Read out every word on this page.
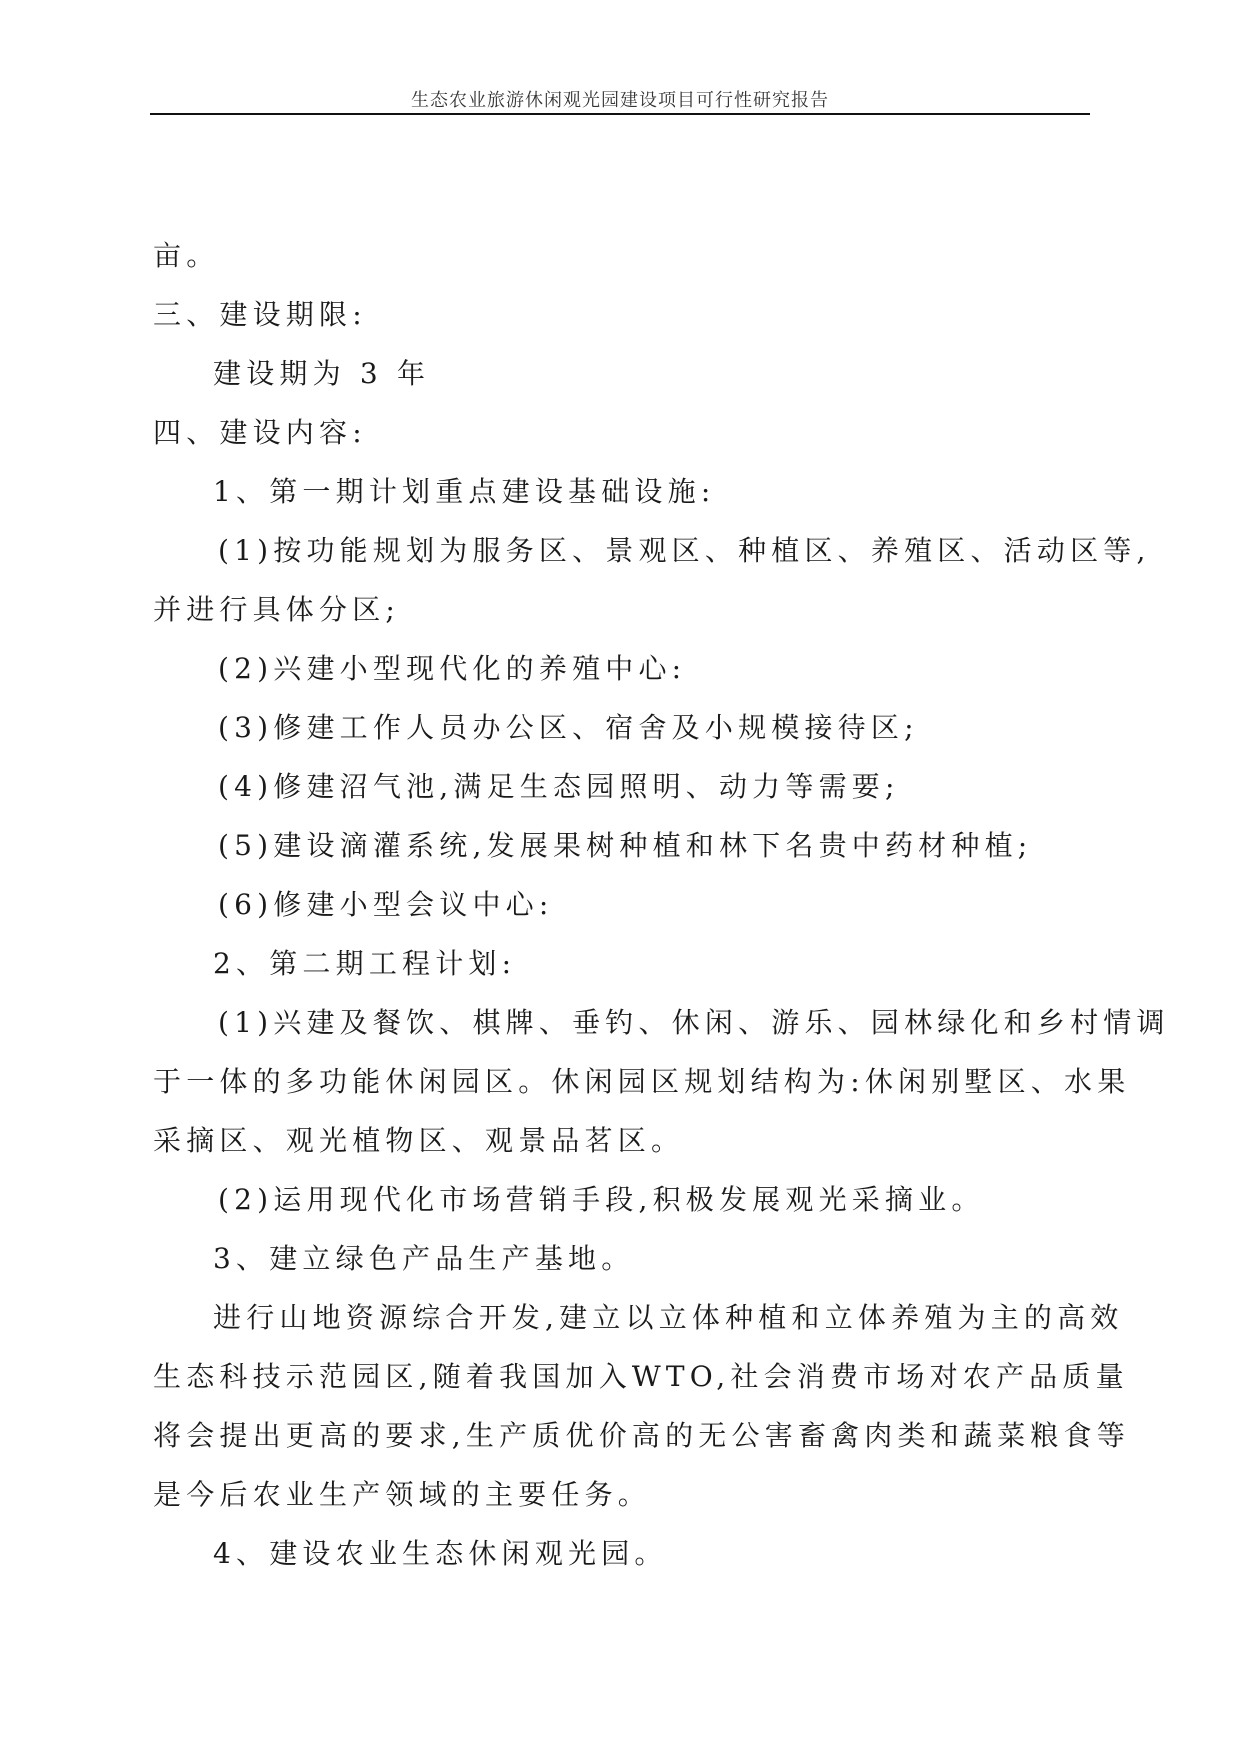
生态农业旅游休闲观光园建设项目可行性研究报告

亩。

三、建设期限:

建设期为 3 年

四、建设内容:

1、第一期计划重点建设基础设施:

(1)按功能规划为服务区、景观区、种植区、养殖区、活动区等,

并进行具体分区;

(2)兴建小型现代化的养殖中心:

(3)修建工作人员办公区、宿舍及小规模接待区;

(4)修建沼气池,满足生态园照明、动力等需要;

(5)建设滴灌系统,发展果树种植和林下名贵中药材种植;

(6)修建小型会议中心:

2、第二期工程计划:

(1)兴建及餐饮、棋牌、垂钓、休闲、游乐、园林绿化和乡村情调

于一体的多功能休闲园区。休闲园区规划结构为:休闲别墅区、水果

采摘区、观光植物区、观景品茗区。

(2)运用现代化市场营销手段,积极发展观光采摘业。

3、建立绿色产品生产基地。

进行山地资源综合开发,建立以立体种植和立体养殖为主的高效

生态科技示范园区,随着我国加入WTO,社会消费市场对农产品质量

将会提出更高的要求,生产质优价高的无公害畜禽肉类和蔬菜粮食等

是今后农业生产领域的主要任务。

4、建设农业生态休闲观光园。
